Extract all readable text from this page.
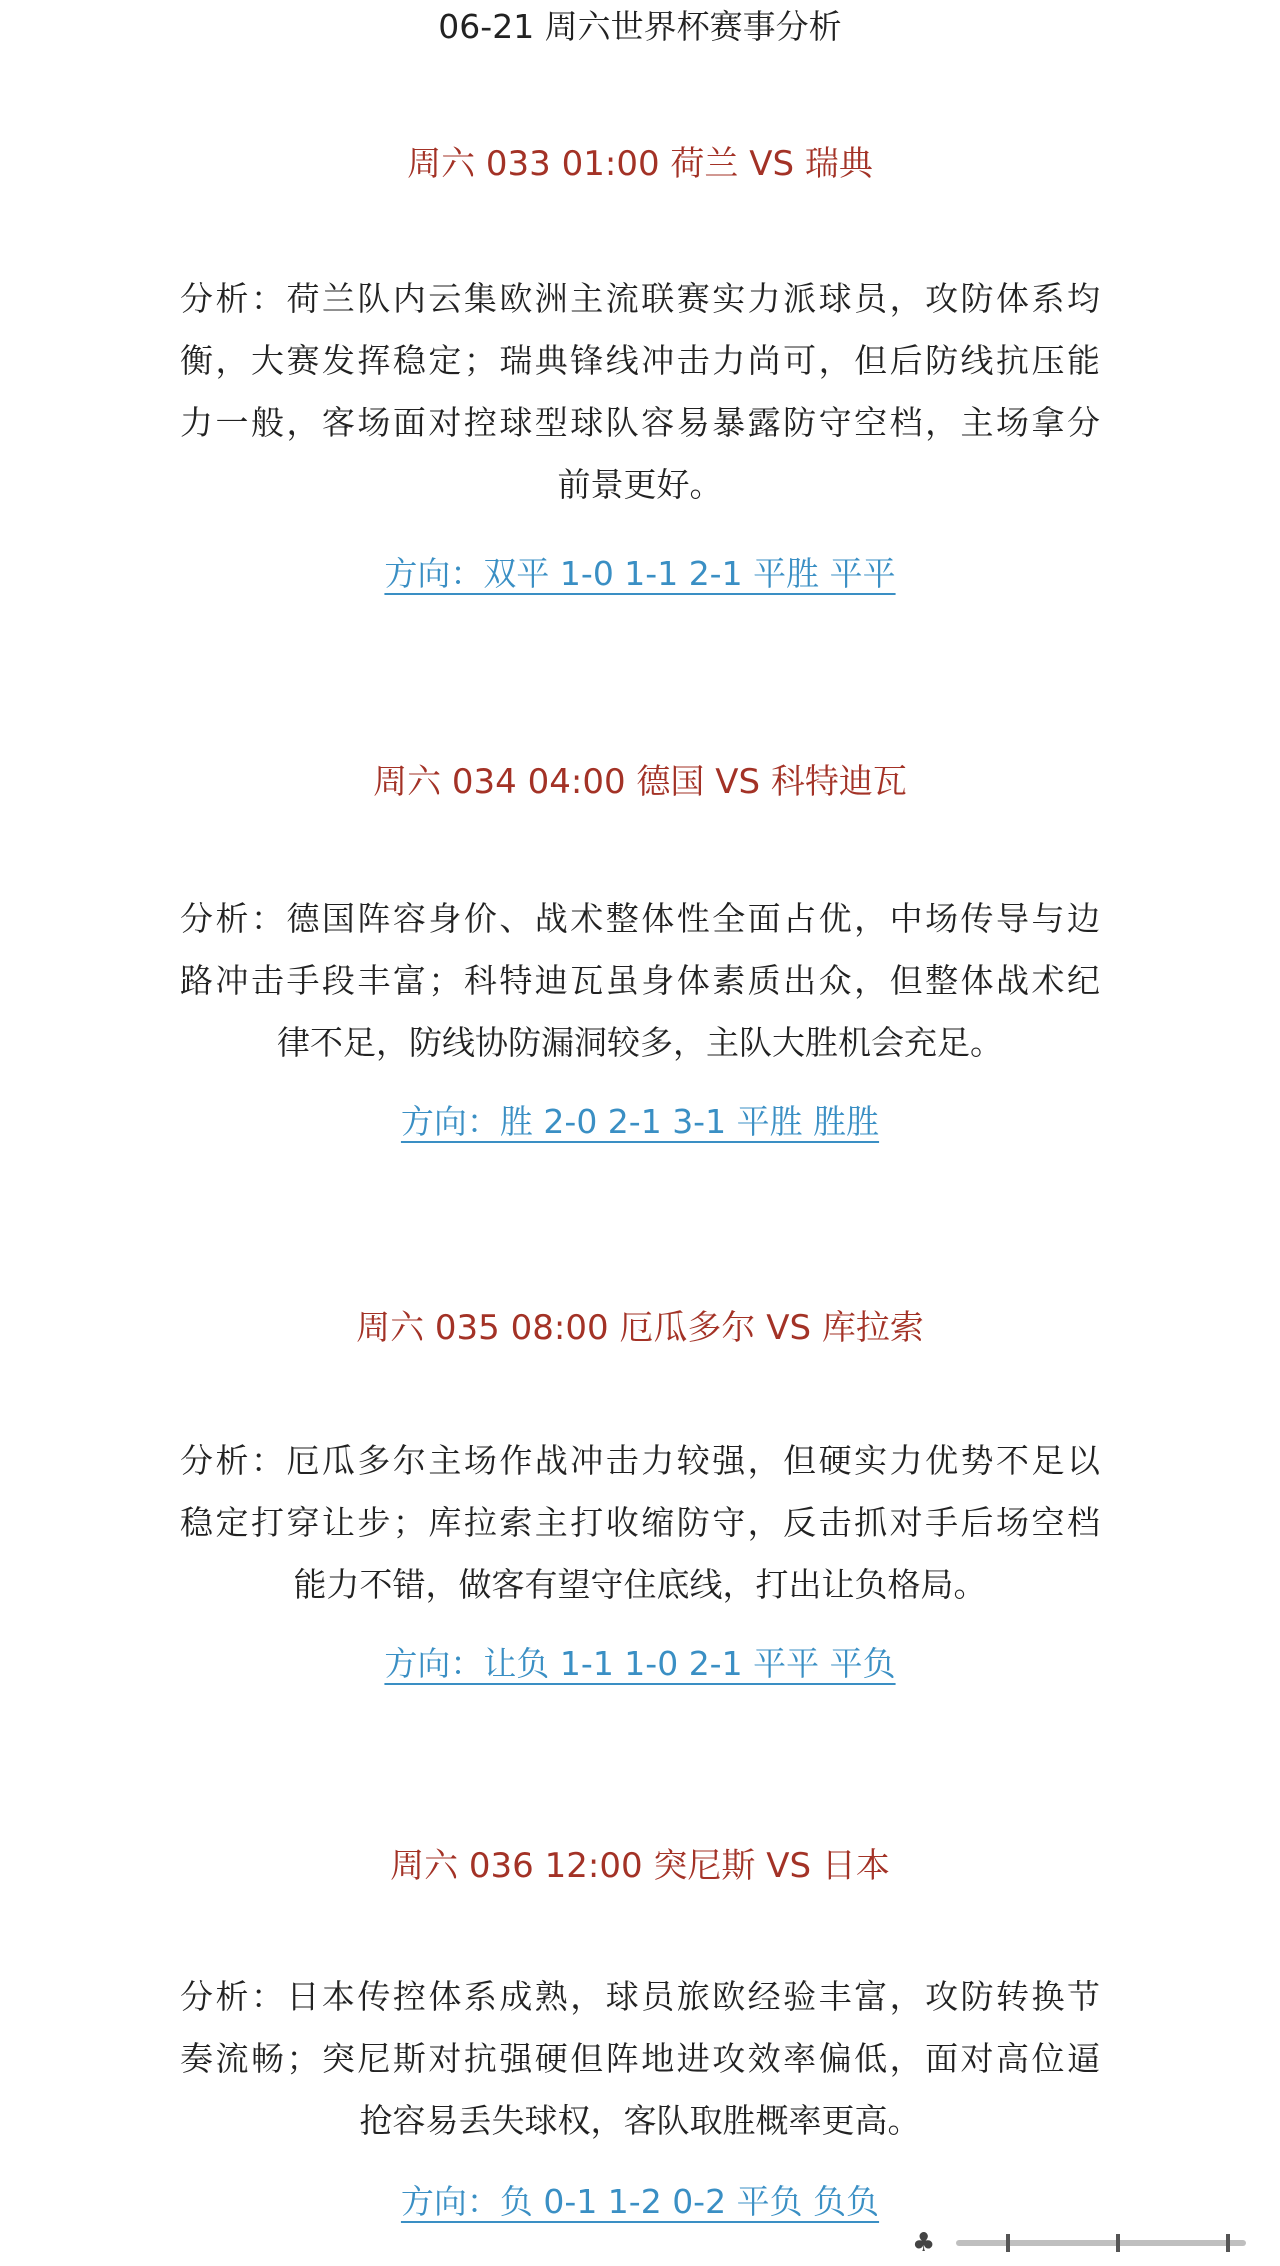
06-21 周六世界杯赛事分析
周六 033 01:00 荷兰 VS 瑞典
分析：荷兰队内云集欧洲主流联赛实力派球员，攻防体系均
衡，大赛发挥稳定；瑞典锋线冲击力尚可，但后防线抗压能
力一般，客场面对控球型球队容易暴露防守空档，主场拿分
前景更好。
方向：双平 1-0 1-1 2-1 平胜 平平
周六 034 04:00 德国 VS 科特迪瓦
分析：德国阵容身价、战术整体性全面占优，中场传导与边
路冲击手段丰富；科特迪瓦虽身体素质出众，但整体战术纪
律不足，防线协防漏洞较多，主队大胜机会充足。
方向：胜 2-0 2-1 3-1 平胜 胜胜
周六 035 08:00 厄瓜多尔 VS 库拉索
分析：厄瓜多尔主场作战冲击力较强，但硬实力优势不足以
稳定打穿让步；库拉索主打收缩防守，反击抓对手后场空档
能力不错，做客有望守住底线，打出让负格局。
方向：让负 1-1 1-0 2-1 平平 平负
周六 036 12:00 突尼斯 VS 日本
分析：日本传控体系成熟，球员旅欧经验丰富，攻防转换节
奏流畅；突尼斯对抗强硬但阵地进攻效率偏低，面对高位逼
抢容易丢失球权，客队取胜概率更高。
方向：负 0-1 1-2 0-2 平负 负负
♣
